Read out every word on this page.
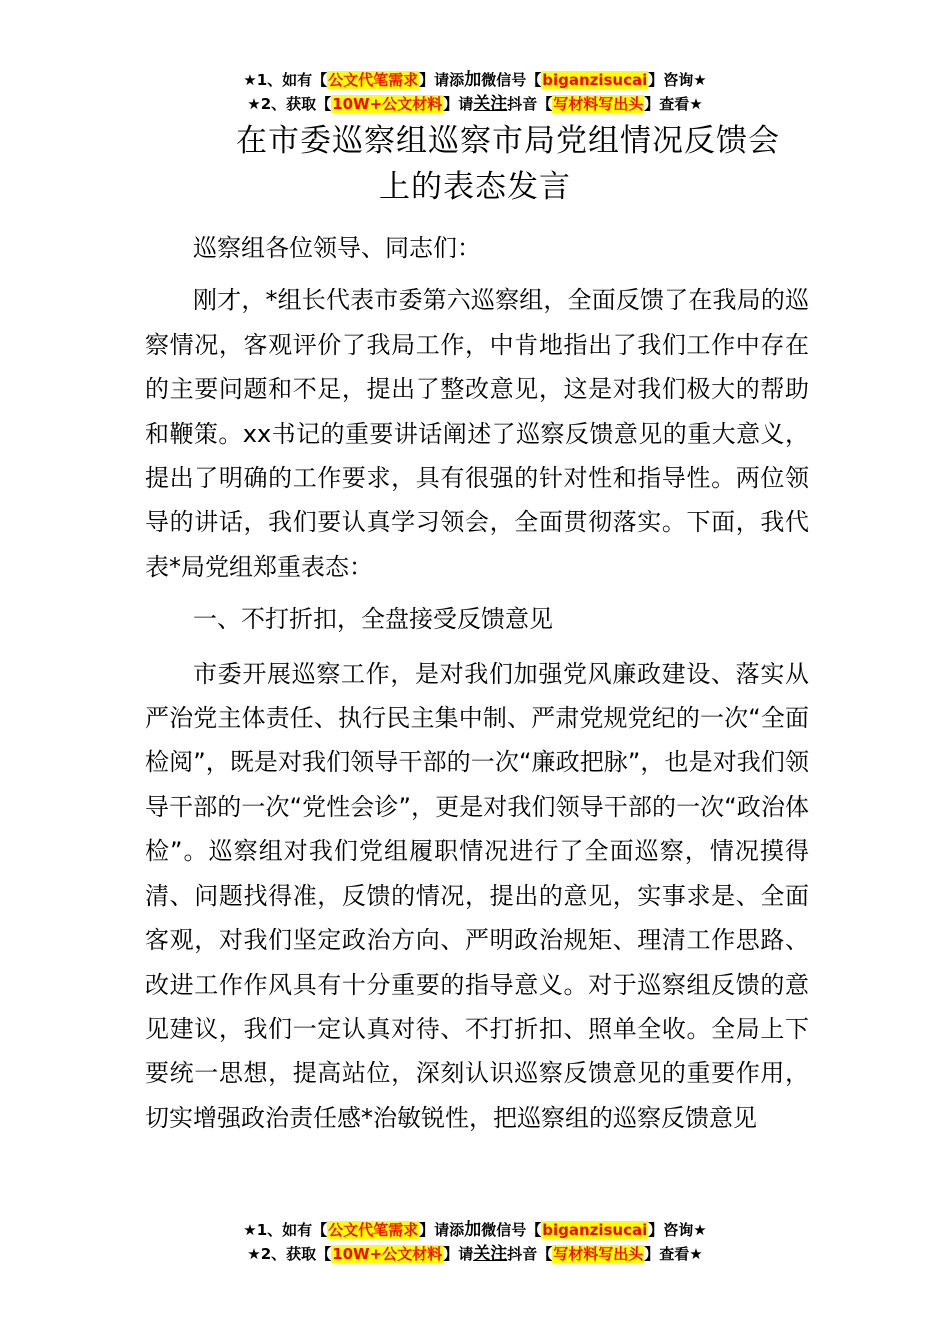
★1、如有【公文代笔需求】请添加微信号【biganzisucai】咨询★
★2、获取【10W+公文材料】请关注抖音【写材料写出头】查看★
在市委巡察组巡察市局党组情况反馈会
上的表态发言

巡察组各位领导、同志们：

刚才，*组长代表市委第六巡察组，全面反馈了在我局的巡察情况，客观评价了我局工作，中肯地指出了我们工作中存在的主要问题和不足，提出了整改意见，这是对我们极大的帮助和鞭策。xx书记的重要讲话阐述了巡察反馈意见的重大意义，提出了明确的工作要求，具有很强的针对性和指导性。两位领导的讲话，我们要认真学习领会，全面贯彻落实。下面，我代表*局党组郑重表态：

一、不打折扣，全盘接受反馈意见

市委开展巡察工作，是对我们加强党风廉政建设、落实从严治党主体责任、执行民主集中制、严肃党规党纪的一次“全面检阅”，既是对我们领导干部的一次“廉政把脉”，也是对我们领导干部的一次“党性会诊”，更是对我们领导干部的一次“政治体检”。巡察组对我们党组履职情况进行了全面巡察，情况摸得清、问题找得准，反馈的情况，提出的意见，实事求是、全面客观，对我们坚定政治方向、严明政治规矩、理清工作思路、改进工作作风具有十分重要的指导意义。对于巡察组反馈的意见建议，我们一定认真对待、不打折扣、照单全收。全局上下要统一思想，提高站位，深刻认识巡察反馈意见的重要作用，切实增强政治责任感*治敏锐性，把巡察组的巡察反馈意见

★1、如有【公文代笔需求】请添加微信号【biganzisucai】咨询★
★2、获取【10W+公文材料】请关注抖音【写材料写出头】查看★
